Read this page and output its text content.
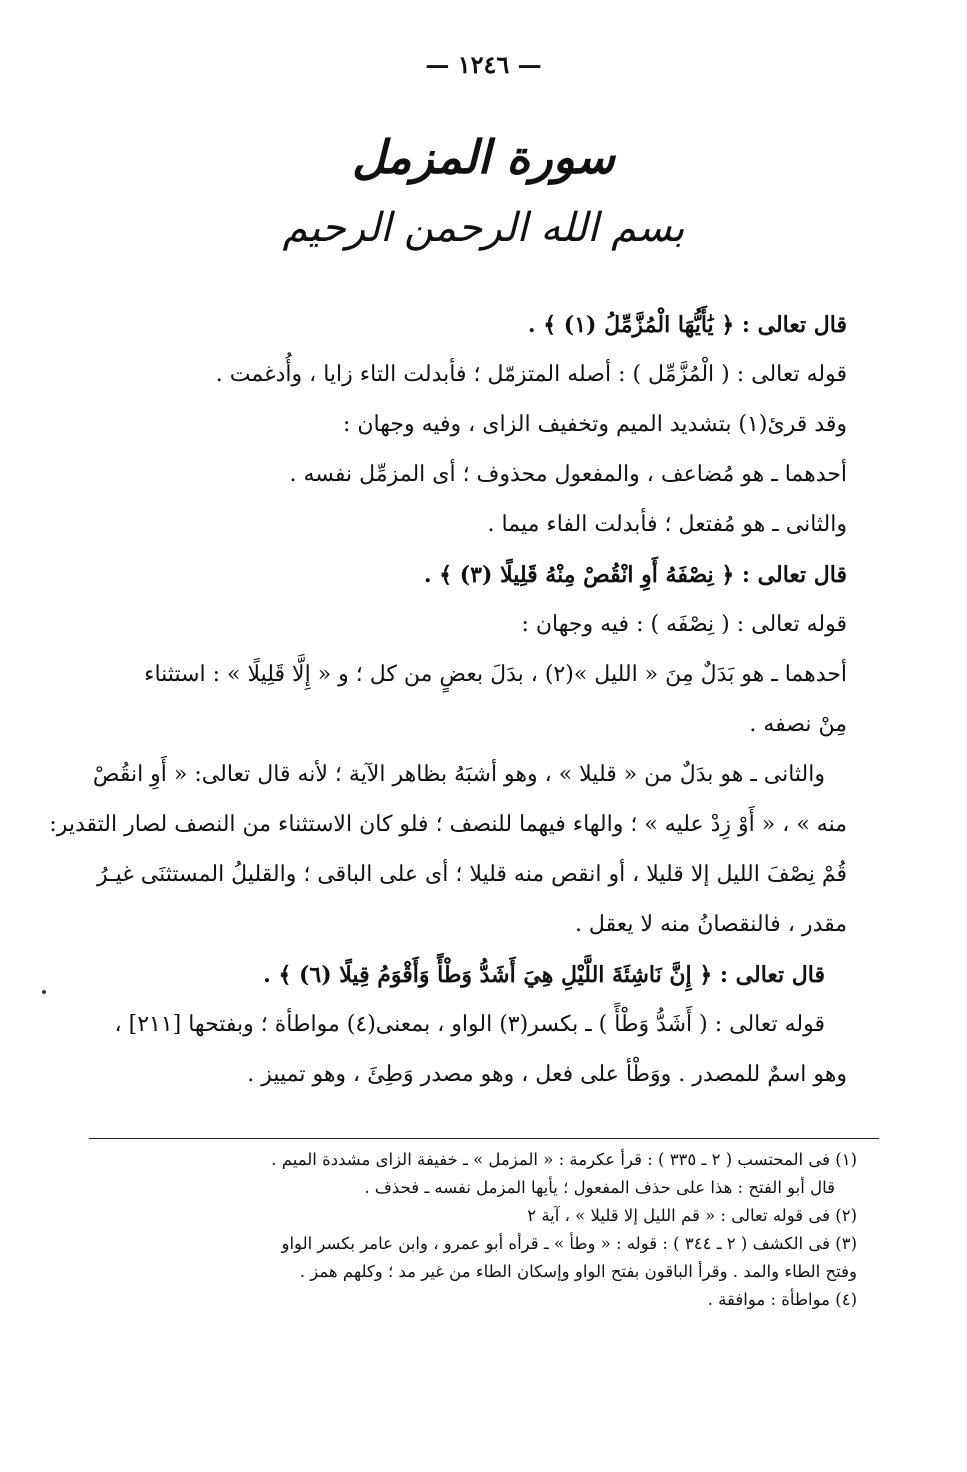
— ١٢٤٦ —
سورة المزمل
بسم الله الرحمن الرحيم
قال تعالى : ﴿ يَٰأَيُّهَا الْمُزَّمِّلُ (١) ﴾ .
قوله تعالى : ( الْمُزَّمِّل ) : أصله المتزمّل ؛ فأبدلت التاء زايا ، وأُدغمت .
وقد قرئ(١) بتشديد الميم وتخفيف الزاى ، وفيه وجهان :
أحدهما ـ هو مُضاعف ، والمفعول محذوف ؛ أى المزمِّل نفسه .
والثانى ـ هو مُفتعل ؛ فأبدلت الفاء ميما .
قال تعالى : ﴿ نِصْفَهُ أَوِ انْقُصْ مِنْهُ قَلِيلًا (٣) ﴾ .
قوله تعالى : ( نِصْفَه ) : فيه وجهان :
أحدهما ـ هو بَدَلٌ مِنَ « الليل »(٢) ، بدَلَ بعضٍ من كل ؛ و « إِلَّا قَلِيلًا » : استثناء
مِنْ نصفه .
والثانى ـ هو بدَلٌ من « قليلا » ، وهو أشبَهُ بظاهر الآية ؛ لأنه قال تعالى: « أَوِ انقُصْ
منه » ، « أَوْ زِدْ عليه » ؛ والهاء فيهما للنصف ؛ فلو كان الاستثناء من النصف لصار التقدير:
قُمْ نِصْفَ الليل إلا قليلا ، أو انقص منه قليلا ؛ أى على الباقى ؛ والقليلُ المستثنَى غيـرُ
مقدر ، فالنقصانُ منه لا يعقل .
قال تعالى : ﴿ إِنَّ نَاشِئَةَ اللَّيْلِ هِيَ أَشَدُّ وَطْأً وَأَقْوَمُ قِيلًا (٦) ﴾ .
قوله تعالى : ( أَشَدُّ وَطْأً ) ـ بكسر(٣) الواو ، بمعنى(٤) مواطأة ؛ وبفتحها [٢١١] ،
وهو اسمٌ للمصدر . ووَطْأ على فعل ، وهو مصدر وَطِئَ ، وهو تمييز .
(١) فى المحتسب ( ٢ ـ ٣٣٥ ) : قرأ عكرمة : « المزمل » ـ خفيفة الزاى مشددة الميم .
قال أبو الفتح : هذا على حذف المفعول ؛ يأيها المزمل نفسه ـ فحذف .
(٢) فى قوله تعالى : « قم الليل إلا قليلا » ، آية ٢
(٣) فى الكشف ( ٢ ـ ٣٤٤ ) : قوله : « وطأ » ـ قرأه أبو عمرو ، وابن عامر بكسر الواو
وفتح الطاء والمد . وقرأ الباقون بفتح الواو وإسكان الطاء من غير مد ؛ وكلهم همز .
(٤) مواطأة : موافقة .
